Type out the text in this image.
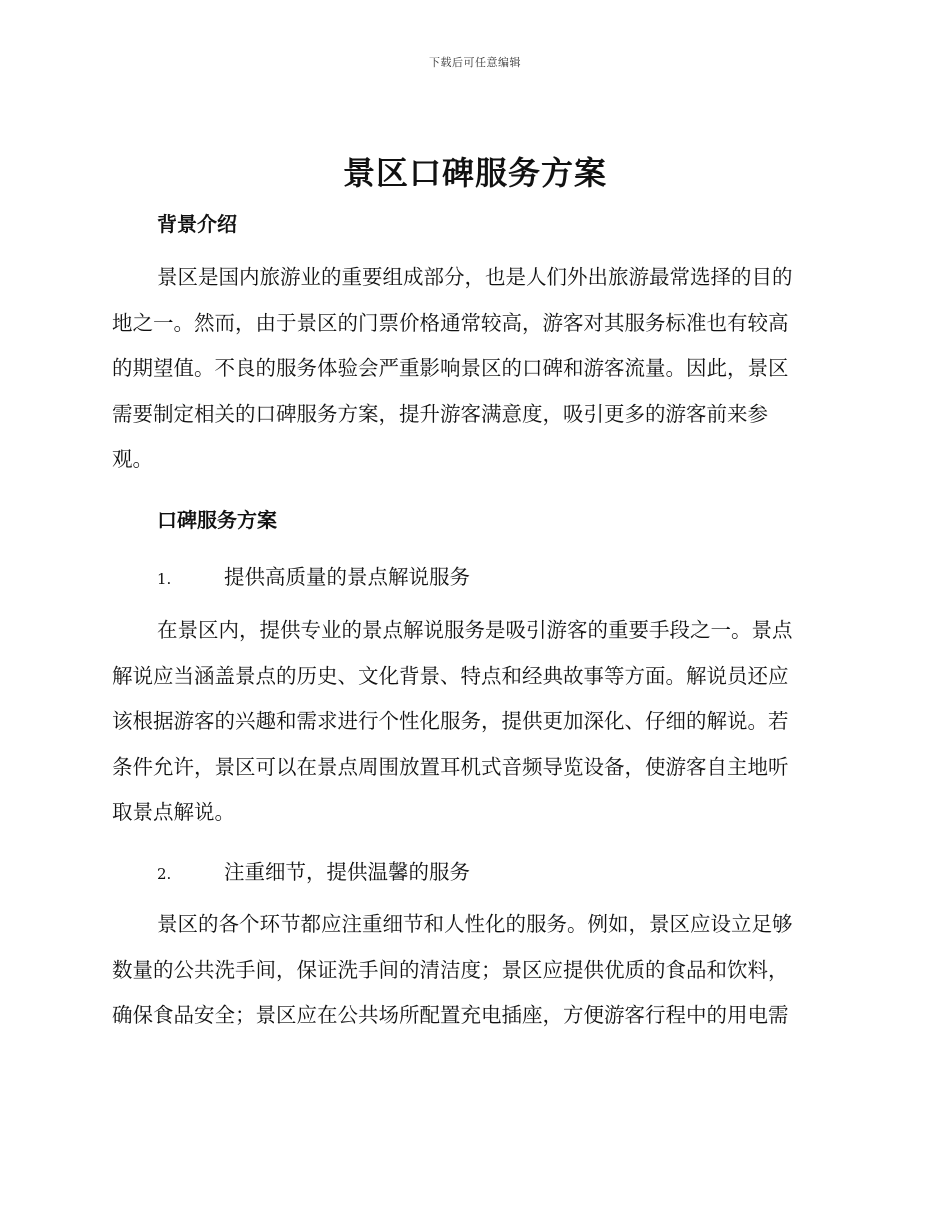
下载后可任意编辑
景区口碑服务方案
背景介绍
景区是国内旅游业的重要组成部分，也是人们外出旅游最常选择的目的
地之一。然而，由于景区的门票价格通常较高，游客对其服务标准也有较高
的期望值。不良的服务体验会严重影响景区的口碑和游客流量。因此，景区
需要制定相关的口碑服务方案，提升游客满意度，吸引更多的游客前来参
观。
口碑服务方案
1.	提供高质量的景点解说服务
在景区内，提供专业的景点解说服务是吸引游客的重要手段之一。景点
解说应当涵盖景点的历史、文化背景、特点和经典故事等方面。解说员还应
该根据游客的兴趣和需求进行个性化服务，提供更加深化、仔细的解说。若
条件允许，景区可以在景点周围放置耳机式音频导览设备，使游客自主地听
取景点解说。
2.	注重细节，提供温馨的服务
景区的各个环节都应注重细节和人性化的服务。例如，景区应设立足够
数量的公共洗手间，保证洗手间的清洁度；景区应提供优质的食品和饮料，
确保食品安全；景区应在公共场所配置充电插座，方便游客行程中的用电需
